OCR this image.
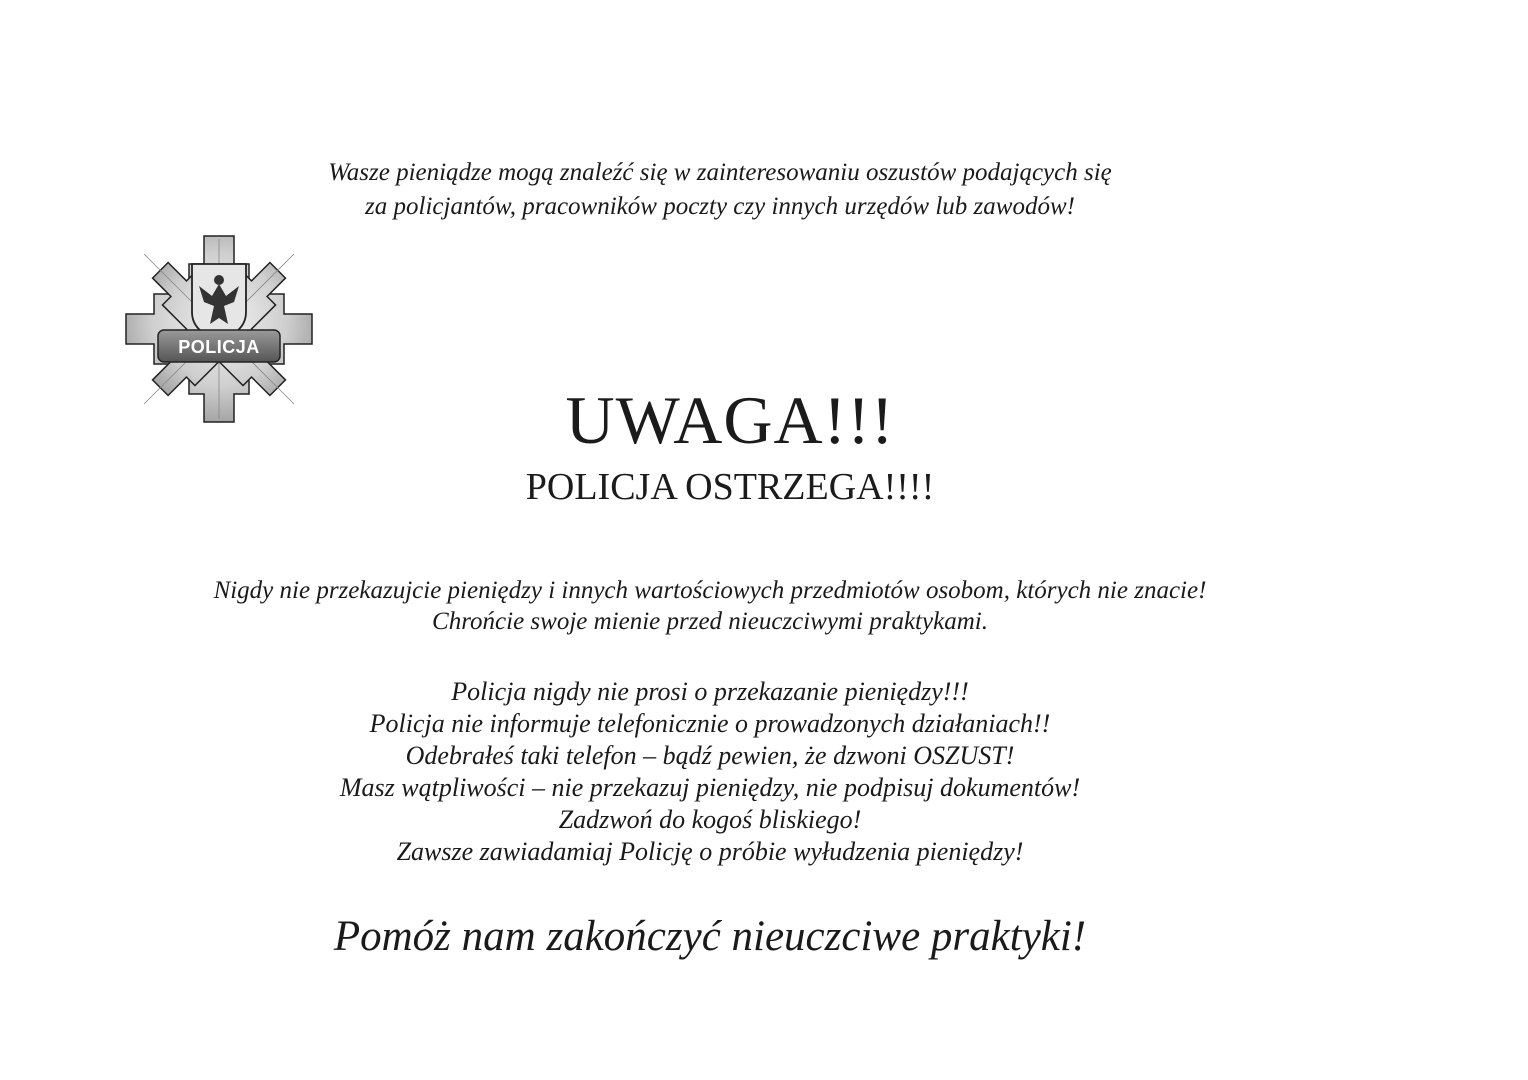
Wasze pieniądze mogą znaleźć się w zainteresowaniu oszustów podających się
za policjantów, pracowników poczty czy innych urzędów lub zawodów!
POLICJA
UWAGA!!!
POLICJA OSTRZEGA!!!!
Nigdy nie przekazujcie pieniędzy i innych wartościowych przedmiotów osobom, których nie znacie!
Chrońcie swoje mienie przed nieuczciwymi praktykami.
Policja nigdy nie prosi o przekazanie pieniędzy!!!
Policja nie informuje telefonicznie o prowadzonych działaniach!!
Odebrałeś taki telefon – bądź pewien, że dzwoni OSZUST!
Masz wątpliwości – nie przekazuj pieniędzy, nie podpisuj dokumentów!
Zadzwoń do kogoś bliskiego!
Zawsze zawiadamiaj Policję o próbie wyłudzenia pieniędzy!
Pomóż nam zakończyć nieuczciwe praktyki!
